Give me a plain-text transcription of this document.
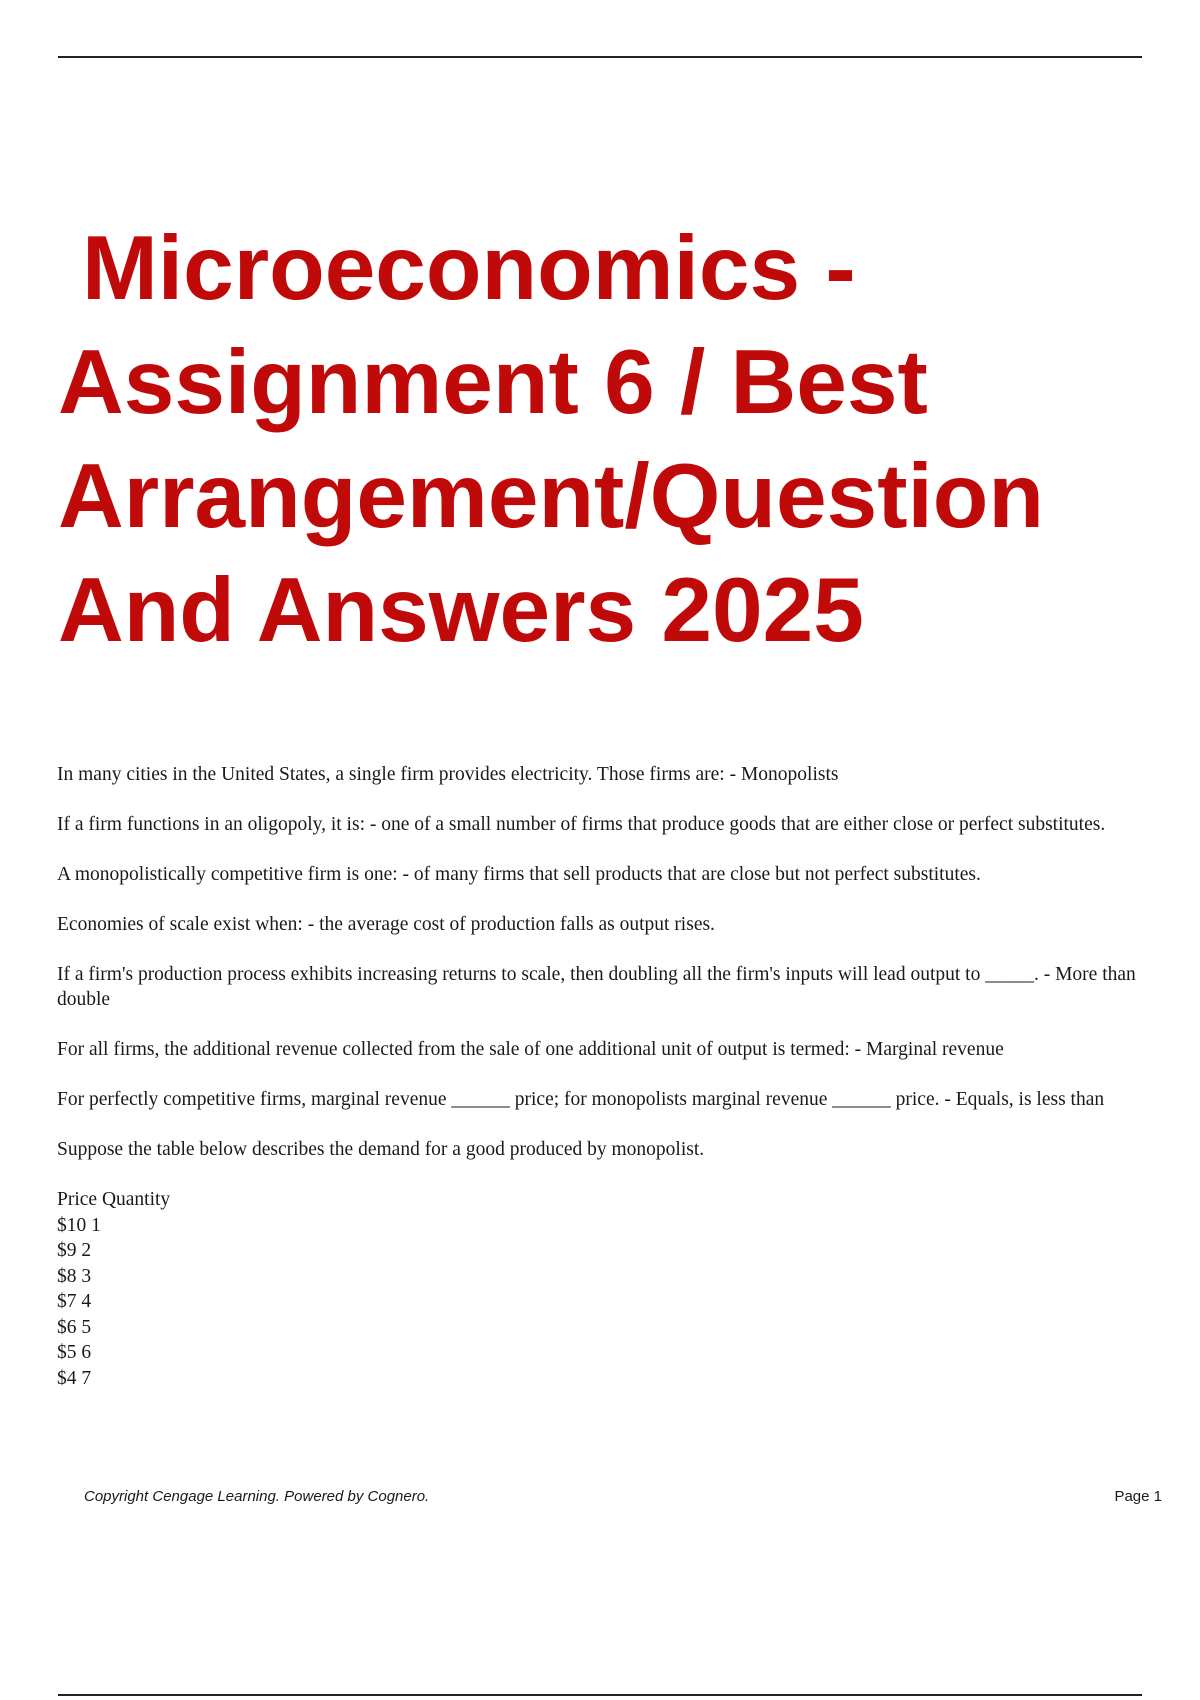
Microeconomics -
Assignment 6 / Best
Arrangement/Question
And Answers 2025

In many cities in the United States, a single firm provides electricity. Those firms are: - Monopolists

If a firm functions in an oligopoly, it is: - one of a small number of firms that produce goods that are either close or perfect substitutes.

A monopolistically competitive firm is one: - of many firms that sell products that are close but not perfect substitutes.

Economies of scale exist when: - the average cost of production falls as output rises.

If a firm's production process exhibits increasing returns to scale, then doubling all the firm's inputs will lead output to _____. - More than double

For all firms, the additional revenue collected from the sale of one additional unit of output is termed: - Marginal revenue

For perfectly competitive firms, marginal revenue ______ price; for monopolists marginal revenue ______ price. - Equals, is less than

Suppose the table below describes the demand for a good produced by monopolist.

Price Quantity
$10 1
$9 2
$8 3
$7 4
$6 5
$5 6
$4 7
Copyright Cengage Learning. Powered by Cognero.	Page 1
